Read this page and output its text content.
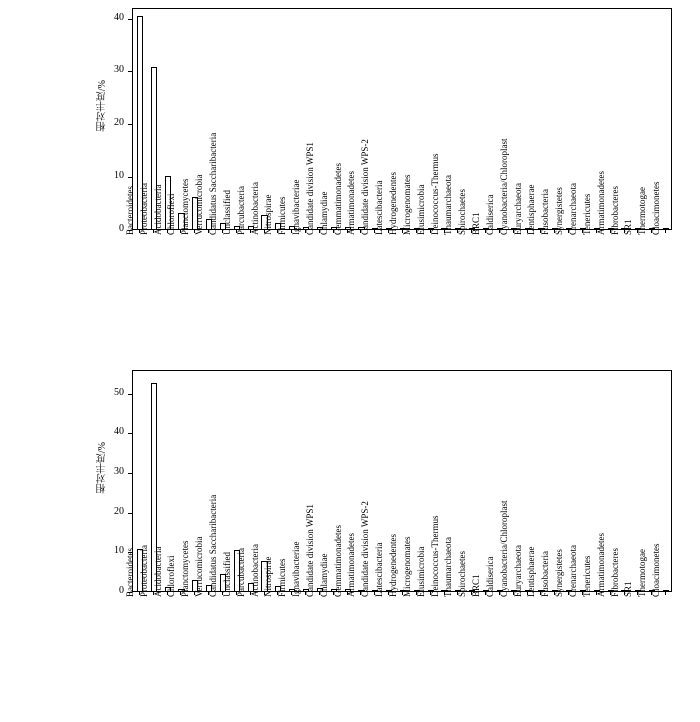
相对丰度/%
0
10
20
30
40
Bacteroidetes Proteobacteria Acidobacteria Chloroflexi Planctomycetes Verrucomicrobia Candidatus Saccharibacteria Unclassified Parcubacteria Actinobacteria Nitrospirae Firmicutes Ignavibacteriae Candidate division WPS1 Chlamydiae Gemmatimonadetes Armatimonadetes Candidate division WPS-2 Latescibacteria Hydrogenedentes Microgenomates Elusimicrobia Deinococcus-Thermus Thaumarchaeota Spirochaetes BRC1 Caldiserica Cyanobacteria/Chloroplast Euryarchaeota Lentisphaerae Fusobacteria Synergistetes Crenarchaeota Tenericutes Armatimonadetes Fibrobacteres SR1 Thermotogae Cloacimonetes
相对丰度/%
0
10
20
30
40
50
Bacteroidetes Proteobacteria Acidobacteria Chloroflexi Planctomycetes Verrucomicrobia Candidatus Saccharibacteria Unclassified Parcubacteria Actinobacteria Nitrospirae Firmicutes Ignavibacteriae Candidate division WPS1 Chlamydiae Gemmatimonadetes Armatimonadetes Candidate division WPS-2 Latescibacteria Hydrogenedentes Microgenomates Elusimicrobia Deinococcus-Thermus Thaumarchaeota Spirochaetes BRC1 Caldiserica Cyanobacteria/Chloroplast Euryarchaeota Lentisphaerae Fusobacteria Synergistetes Crenarchaeota Tenericutes Armatimonadetes Fibrobacteres SR1 Thermotogae Cloacimonetes
